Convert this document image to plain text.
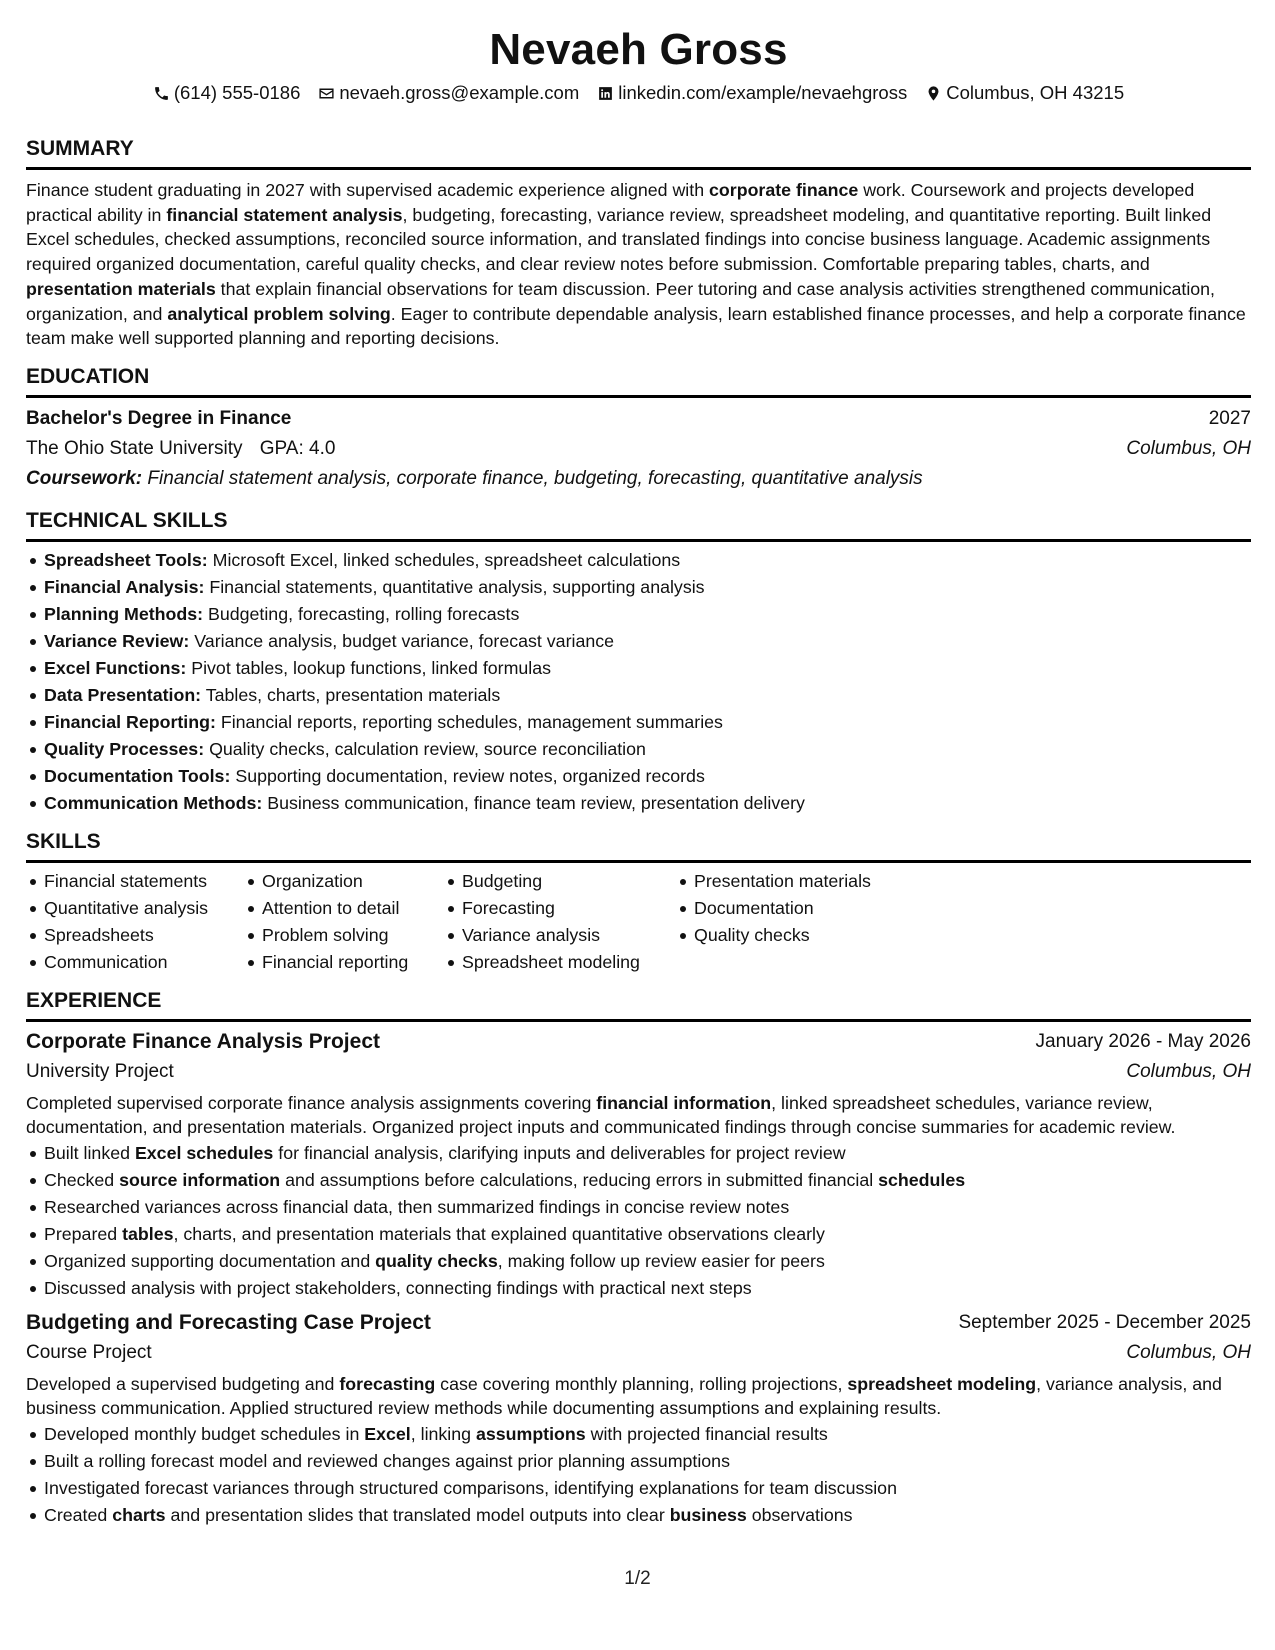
Nevaeh Gross
(614) 555-0186 nevaeh.gross@example.com linkedin.com/example/nevaehgross Columbus, OH 43215
SUMMARY
Finance student graduating in 2027 with supervised academic experience aligned with corporate finance work. Coursework and projects developed practical ability in financial statement analysis, budgeting, forecasting, variance review, spreadsheet modeling, and quantitative reporting. Built linked Excel schedules, checked assumptions, reconciled source information, and translated findings into concise business language. Academic assignments required organized documentation, careful quality checks, and clear review notes before submission. Comfortable preparing tables, charts, and presentation materials that explain financial observations for team discussion. Peer tutoring and case analysis activities strengthened communication, organization, and analytical problem solving. Eager to contribute dependable analysis, learn established finance processes, and help a corporate finance team make well supported planning and reporting decisions.
EDUCATION
Bachelor's Degree in Finance	2027
The Ohio State University GPA: 4.0	Columbus, OH
Coursework:
Financial statement analysis, corporate finance, budgeting, forecasting, quantitative analysis
TECHNICAL SKILLS
Spreadsheet Tools: Microsoft Excel, linked schedules, spreadsheet calculations
Financial Analysis: Financial statements, quantitative analysis, supporting analysis
Planning Methods: Budgeting, forecasting, rolling forecasts
Variance Review: Variance analysis, budget variance, forecast variance
Excel Functions: Pivot tables, lookup functions, linked formulas
Data Presentation: Tables, charts, presentation materials
Financial Reporting: Financial reports, reporting schedules, management summaries
Quality Processes: Quality checks, calculation review, source reconciliation
Documentation Tools: Supporting documentation, review notes, organized records
Communication Methods: Business communication, finance team review, presentation delivery
SKILLS
Financial statements
Quantitative analysis
Spreadsheets
Communication
Organization
Attention to detail
Problem solving
Financial reporting
Budgeting
Forecasting
Variance analysis
Spreadsheet modeling
Presentation materials
Documentation
Quality checks
EXPERIENCE
Corporate Finance Analysis Project	January 2026 - May 2026
University Project	Columbus, OH
Completed supervised corporate finance analysis assignments covering financial information, linked spreadsheet schedules, variance review, documentation, and presentation materials. Organized project inputs and communicated findings through concise summaries for academic review.
Built linked Excel schedules for financial analysis, clarifying inputs and deliverables for project review
Checked source information and assumptions before calculations, reducing errors in submitted financial schedules
Researched variances across financial data, then summarized findings in concise review notes
Prepared tables, charts, and presentation materials that explained quantitative observations clearly
Organized supporting documentation and quality checks, making follow up review easier for peers
Discussed analysis with project stakeholders, connecting findings with practical next steps
Budgeting and Forecasting Case Project	September 2025 - December 2025
Course Project	Columbus, OH
Developed a supervised budgeting and forecasting case covering monthly planning, rolling projections, spreadsheet modeling, variance analysis, and business communication. Applied structured review methods while documenting assumptions and explaining results.
Developed monthly budget schedules in Excel, linking assumptions with projected financial results
Built a rolling forecast model and reviewed changes against prior planning assumptions
Investigated forecast variances through structured comparisons, identifying explanations for team discussion
Created charts and presentation slides that translated model outputs into clear business observations
1/2
